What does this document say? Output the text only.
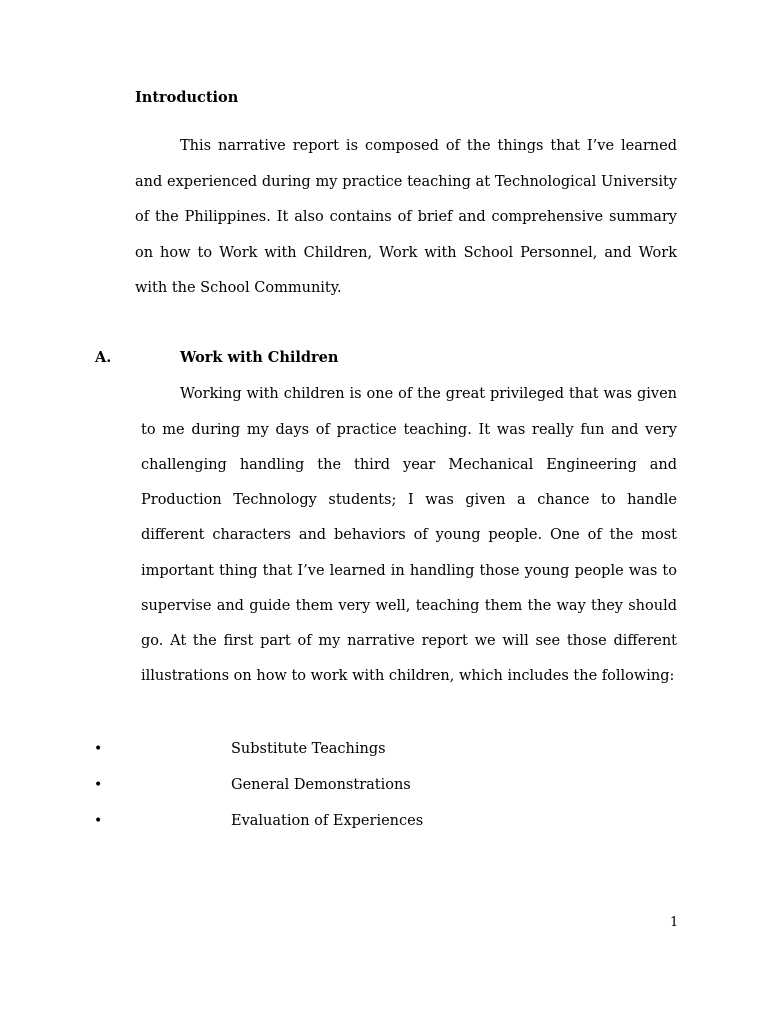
Introduction
This narrative report is composed of the things that I’ve learned
and experienced during my practice teaching at Technological University
of the Philippines. It also contains of brief and comprehensive summary
on how to Work with Children, Work with School Personnel, and Work
with the School Community.
A.	Work with Children
Working with children is one of the great privileged that was given
to me during my days of practice teaching. It was really fun and very
challenging handling the third year Mechanical Engineering and
Production Technology students; I was given a chance to handle
different characters and behaviors of young people. One of the most
important thing that I’ve learned in handling those young people was to
supervise and guide them very well, teaching them the way they should
go. At the first part of my narrative report we will see those different
illustrations on how to work with children, which includes the following:
•	Substitute Teachings
•	General Demonstrations
•	Evaluation of Experiences
1
